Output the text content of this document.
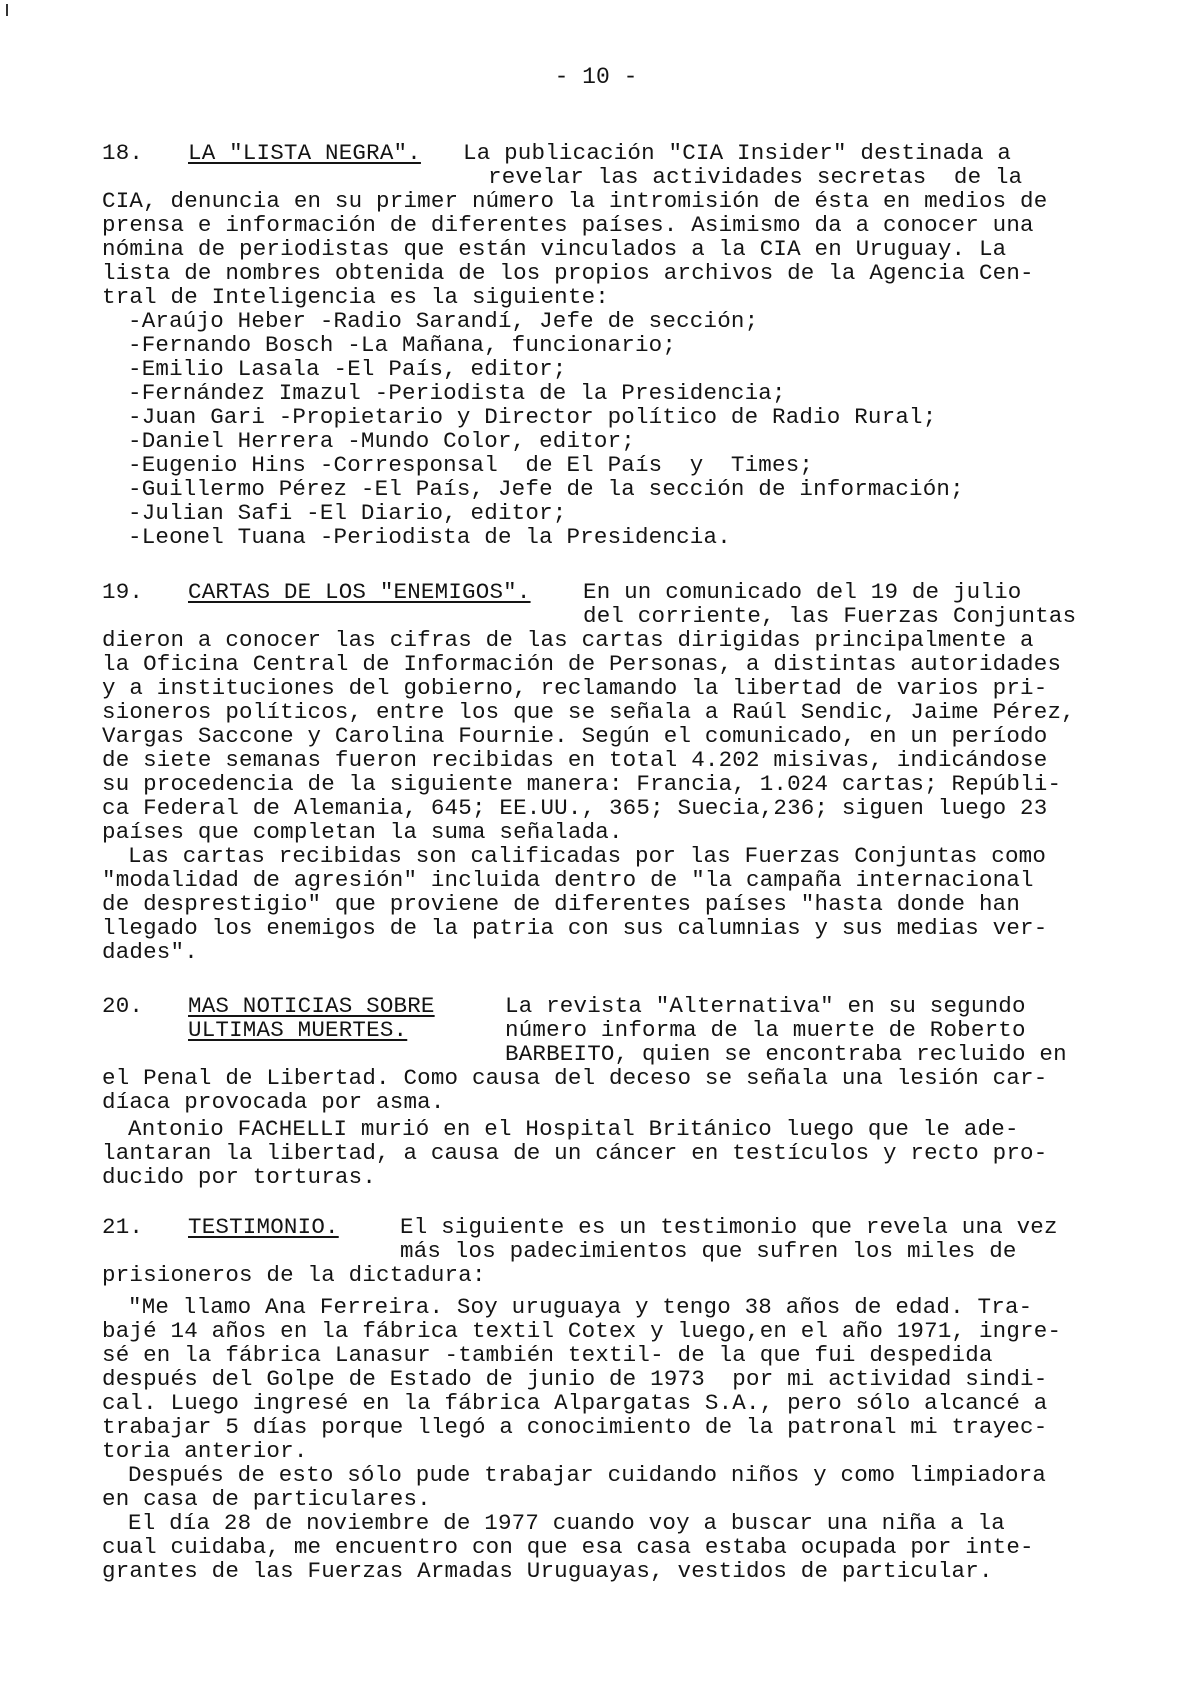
- 10 -
18. LA "LISTA NEGRA". La publicación "CIA Insider" destinada a
revelar las actividades secretas  de la
CIA, denuncia en su primer número la intromisión de ésta en medios de
prensa e información de diferentes países. Asimismo da a conocer una
nómina de periodistas que están vinculados a la CIA en Uruguay. La
lista de nombres obtenida de los propios archivos de la Agencia Cen-
tral de Inteligencia es la siguiente:
-Araújo Heber -Radio Sarandí, Jefe de sección;
-Fernando Bosch -La Mañana, funcionario;
-Emilio Lasala -El País, editor;
-Fernández Imazul -Periodista de la Presidencia;
-Juan Gari -Propietario y Director político de Radio Rural;
-Daniel Herrera -Mundo Color, editor;
-Eugenio Hins -Corresponsal  de El País  y  Times;
-Guillermo Pérez -El País, Jefe de la sección de información;
-Julian Safi -El Diario, editor;
-Leonel Tuana -Periodista de la Presidencia.
19. CARTAS DE LOS "ENEMIGOS". En un comunicado del 19 de julio
del corriente, las Fuerzas Conjuntas
dieron a conocer las cifras de las cartas dirigidas principalmente a
la Oficina Central de Información de Personas, a distintas autoridades
y a instituciones del gobierno, reclamando la libertad de varios pri-
sioneros políticos, entre los que se señala a Raúl Sendic, Jaime Pérez,
Vargas Saccone y Carolina Fournie. Según el comunicado, en un período
de siete semanas fueron recibidas en total 4.202 misivas, indicándose
su procedencia de la siguiente manera: Francia, 1.024 cartas; Repúbli-
ca Federal de Alemania, 645; EE.UU., 365; Suecia,236; siguen luego 23
países que completan la suma señalada.
Las cartas recibidas son calificadas por las Fuerzas Conjuntas como
"modalidad de agresión" incluida dentro de "la campaña internacional
de desprestigio" que proviene de diferentes países "hasta donde han
llegado los enemigos de la patria con sus calumnias y sus medias ver-
dades".
20. MAS NOTICIAS SOBRE
ULTIMAS MUERTES.
La revista "Alternativa" en su segundo
número informa de la muerte de Roberto
BARBEITO, quien se encontraba recluido en
el Penal de Libertad. Como causa del deceso se señala una lesión car-
díaca provocada por asma.
Antonio FACHELLI murió en el Hospital Británico luego que le ade-
lantaran la libertad, a causa de un cáncer en testículos y recto pro-
ducido por torturas.
21. TESTIMONIO.	El siguiente es un testimonio que revela una vez
más los padecimientos que sufren los miles de
prisioneros de la dictadura:
"Me llamo Ana Ferreira. Soy uruguaya y tengo 38 años de edad. Tra-
bajé 14 años en la fábrica textil Cotex y luego,en el año 1971, ingre-
sé en la fábrica Lanasur -también textil- de la que fui despedida
después del Golpe de Estado de junio de 1973  por mi actividad sindi-
cal. Luego ingresé en la fábrica Alpargatas S.A., pero sólo alcancé a
trabajar 5 días porque llegó a conocimiento de la patronal mi trayec-
toria anterior.
Después de esto sólo pude trabajar cuidando niños y como limpiadora
en casa de particulares.
El día 28 de noviembre de 1977 cuando voy a buscar una niña a la
cual cuidaba, me encuentro con que esa casa estaba ocupada por inte-
grantes de las Fuerzas Armadas Uruguayas, vestidos de particular.
